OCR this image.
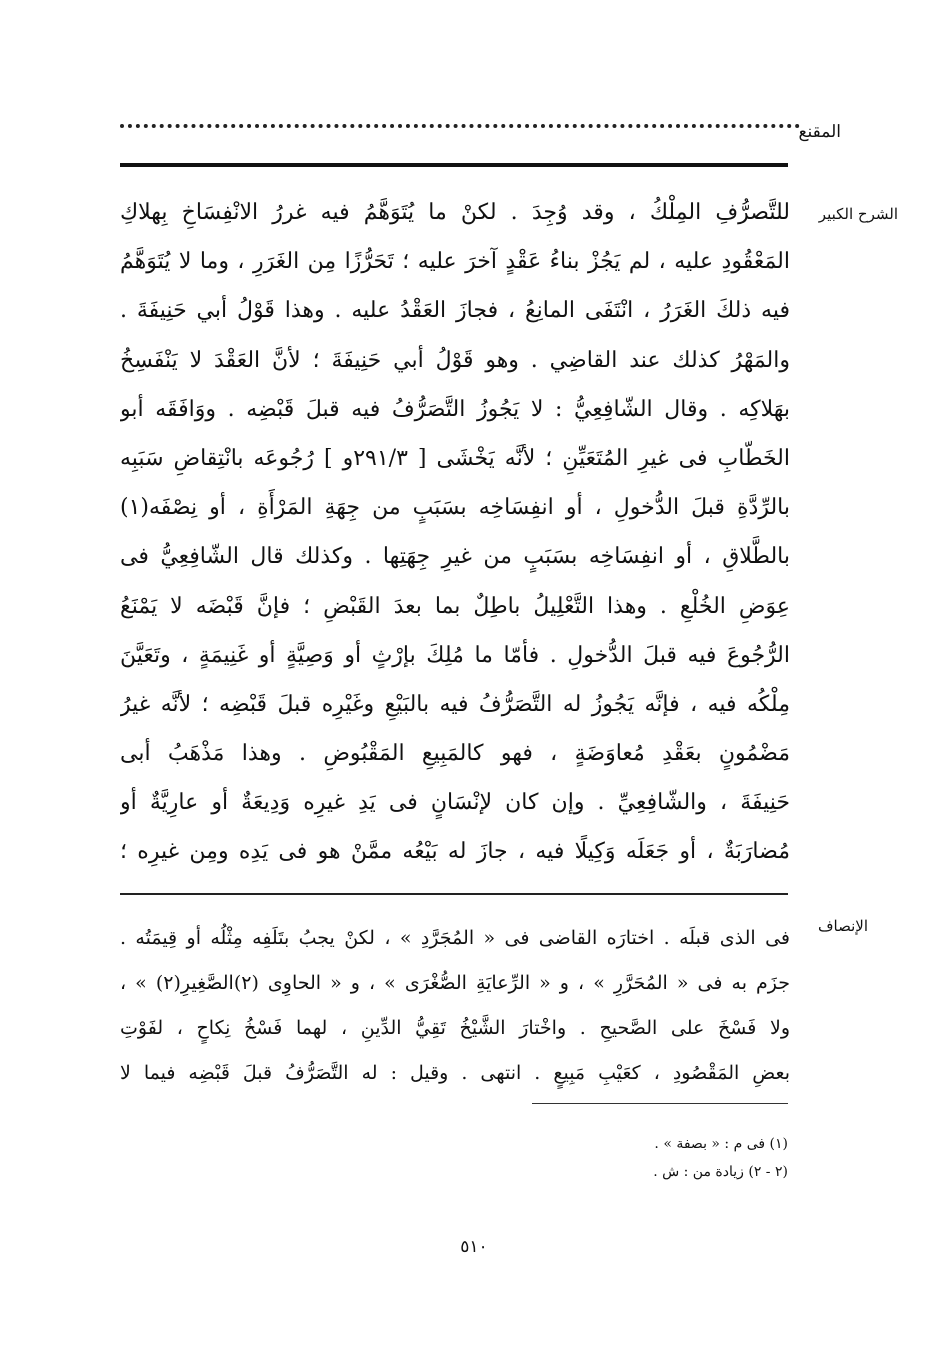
المقنع
الشرح الكبير
للتَّصرُّفِ المِلْكُ ، وقد وُجِدَ . لكنْ ما يُتَوَهَّمُ فيه غررُ الانْفِسَاخِ بِهلاكِ
المَعْقُودِ عليه ، لم يَجُزْ بناءُ عَقْدٍ آخرَ عليه ؛ تَحَرُّزًا مِن الغَرَرِ ، وما لا يُتَوَهَّمُ
فيه ذلكَ الغَرَرُ ، انْتَفَى المانِعُ ، فجازَ العَقْدُ عليه . وهذا قَوْلُ أبي حَنِيفَةَ .
والمَهْرُ كذلك عند القاضِي . وهو قَوْلُ أبي حَنِيفَةَ ؛ لأنَّ العَقْدَ لا يَنْفَسِخُ
بهَلاكِه . وقال الشّافِعِيُّ : لا يَجُوزُ التَّصَرُّفُ فيه قبلَ قَبْضِه . ووَافَقَه أبو
الخَطّابِ فى غيرِ المُتَعَيِّنِ ؛ لأنَّه يَخْشَى [ ٢٩١/٣و ] رُجُوعَه بانْتِقاضِ سَبَبِه
بالرِّدَّةِ قبلَ الدُّخولِ ، أو انفِسَاخِه بسَبَبٍ من جِهَةِ المَرْأَةِ ، أو نِصْفَه(١)
بالطَّلاقِ ، أو انفِسَاخِه بسَبَبٍ من غيرِ جِهَتِها . وكذلك قال الشّافِعِيُّ فى
عِوَضِ الخُلْعِ . وهذا التَّعْلِيلُ باطِلٌ بما بعدَ القَبْضِ ؛ فإنَّ قَبْضَه لا يَمْنَعُ
الرُّجُوعَ فيه قبلَ الدُّخولِ . فأمّا ما مُلِكَ بإرْثٍ أو وَصِيَّةٍ أو غَنِيمَةٍ ، وتَعَيَّنَ
مِلْكُه فيه ، فإنَّه يَجُوزُ له التَّصَرُّفُ فيه بالبَيْعِ وغَيْرِه قبلَ قَبْضِه ؛ لأنَّه غيرُ
مَضْمُونٍ بعَقْدِ مُعاوَضَةٍ ، فهو كالمَبِيعِ المَقْبُوضِ . وهذا مَذْهَبُ أبى
حَنِيفَةَ ، والشّافِعِيِّ . وإن كان لإنْسَانٍ فى يَدِ غيرِه وَدِيعَةٌ أو عارِيَّةٌ أو
مُضارَبَةٌ ، أو جَعَلَه وَكِيلًا فيه ، جازَ له بَيْعُه ممَّنْ هو فى يَدِه ومِن غيرِه ؛
الإنصاف
فى الذى قبلَه . اختارَه القاضى فى « المُجَرَّدِ » ، لكنْ يجبُ بتَلَفِه مِثْلُه أو قِيمَتُه .
جزَم به فى « المُحَرَّرِ » ، و « الرِّعايَةِ الصُّغْرَى » ، و « الحاوِى (٢)الصَّغِيرِ(٢) » ،
ولا فَسْخَ على الصَّحيحِ . واخْتارَ الشَّيْخُ تَقِيُّ الدِّينِ ، لهما فَسْخُ نِكاحٍ ، لفَوْتِ
بعضِ المَقْصُودِ ، كعَيْبِ مَبِيعٍ . انتهى . وقيل : له التَّصَرُّفُ قبلَ قَبْضِه فيما لا
(١) فى م : « بصفة » .
(٢ - ٢) زيادة من : ش .
٥١٠
